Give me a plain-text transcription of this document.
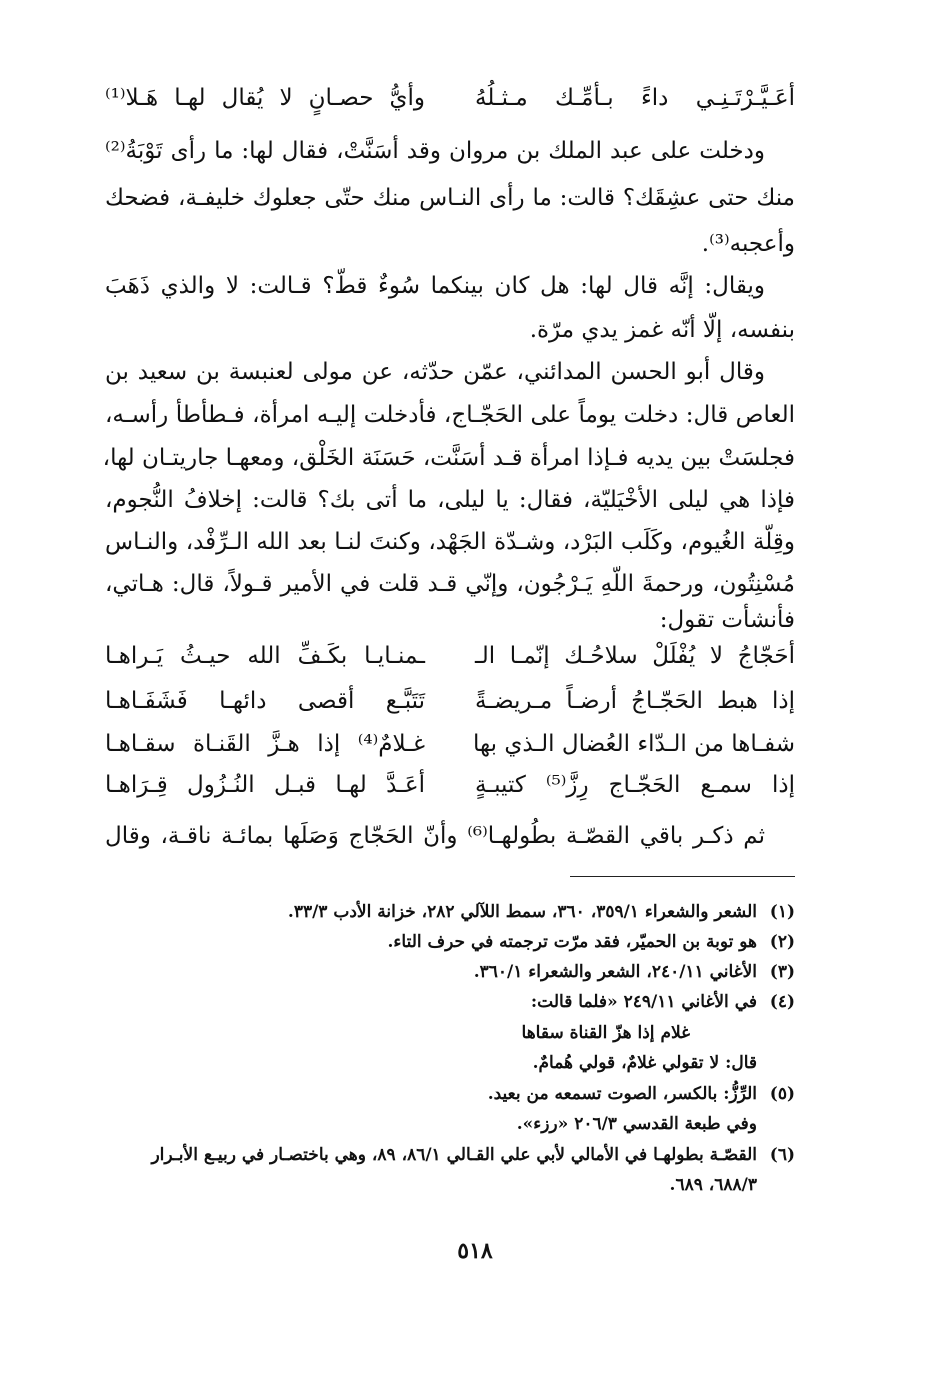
أعَـيَّـرْتَـنِـي داءً بـأمِّـك مـثـلُهُ
وأيُّ حصـانٍ لا يُقال لهـا هَـلا⁽¹⁾
ودخلت على عبد الملك بن مروان وقد أسَنَّتْ، فقال لها: ما رأى تَوْبَةُ⁽²⁾
منك حتى عشِقَك؟ قالت: ما رأى النـاس منك حتّى جعلوك خليفـة، فضحك
وأعجبه⁽³⁾.
ويقال: إنَّه قال لها: هل كان بينكما سُوءٌ قطّ؟ قـالت: لا والذي ذَهَبَ
بنفسه، إلّا أنّه غمز يدي مرّة.
وقال أبو الحسن المدائني، عمّن حدّثه، عن مولى لعنبسة بن سعيد بن
العاص قال: دخلت يوماً على الحَجّـاج، فأدخلت إليـه امرأة، فـطأطأ رأسـه،
فجلسَتْ بين يديه فـإذا امرأة قـد أسَنَّت، حَسَنَة الخَلْق، ومعهـا جاريتـان لها،
فإذا هي ليلى الأخْيَليّة، فقال: يا ليلى، ما أتى بك؟ قالت: إخلافُ النُّجوم،
وقِلّة الغُيوم، وكَلَب البَرْد، وشـدّة الجَهْد، وكنتَ لنـا بعد الله الـرِّفْد، والنـاس
مُسْنِتُون، ورحمةَ اللّهِ يَـرْجُون، وإنّي قـد قلت في الأمير قـولاً، قال: هـاتي،
فأنشأت تقول:
أحَجّاجُ لا يُفْلَلْ سلاحُـك إنّمـا الـ
ـمنـايـا بكَـفِّ الله حيـثُ يَـراهـا
إذا هبط الحَجّـاجُ أرضـاً مـريضـةً
تَتَبَّـع أقصى دائهـا فَشَفَـاهـا
شفـاها من الـدّاء العُضال الـذي بها
غـلامٌ⁽⁴⁾ إذا هـزَّ القَنـاة سقـاهـا
إذا سمـع الحَجّـاج رِزَّ⁽⁵⁾ كتيبـةٍ
أعَـدَّ لهـا قبـل النُـزُول قِـرَاهـا
ثم ذكـر باقي القصّـة بطُولهـا⁽⁶⁾ وأنّ الحَجّاج وَصَلَها بمائـة ناقـة، وقال
(١)الشعر والشعراء ٣٥٩/١، ٣٦٠، سمط اللآلي ٢٨٢، خزانة الأدب ٣٣/٣.
(٢)هو توبة بن الحميّر، فقد مرّت ترجمته في حرف التاء.
(٣)الأغاني ٢٤٠/١١، الشعر والشعراء ٣٦٠/١.
(٤)في الأغاني ٢٤٩/١١ «فلما قالت:
غلام إذا هزّ القناة سقاها
قال: لا تقولي غلامٌ، قولي هُمامٌ.
(٥)الرِّزُّ: بالكسر، الصوت تسمعه من بعيد.
وفي طبعة القدسي ٢٠٦/٣ «رزء».
(٦)القصّـة بطولهـا في الأمالي لأبي علي القـالي ٨٦/١، ٨٩، وهي باختصـار في ربيـع الأبـرار
٦٨٨/٣، ٦٨٩.
٥١٨
